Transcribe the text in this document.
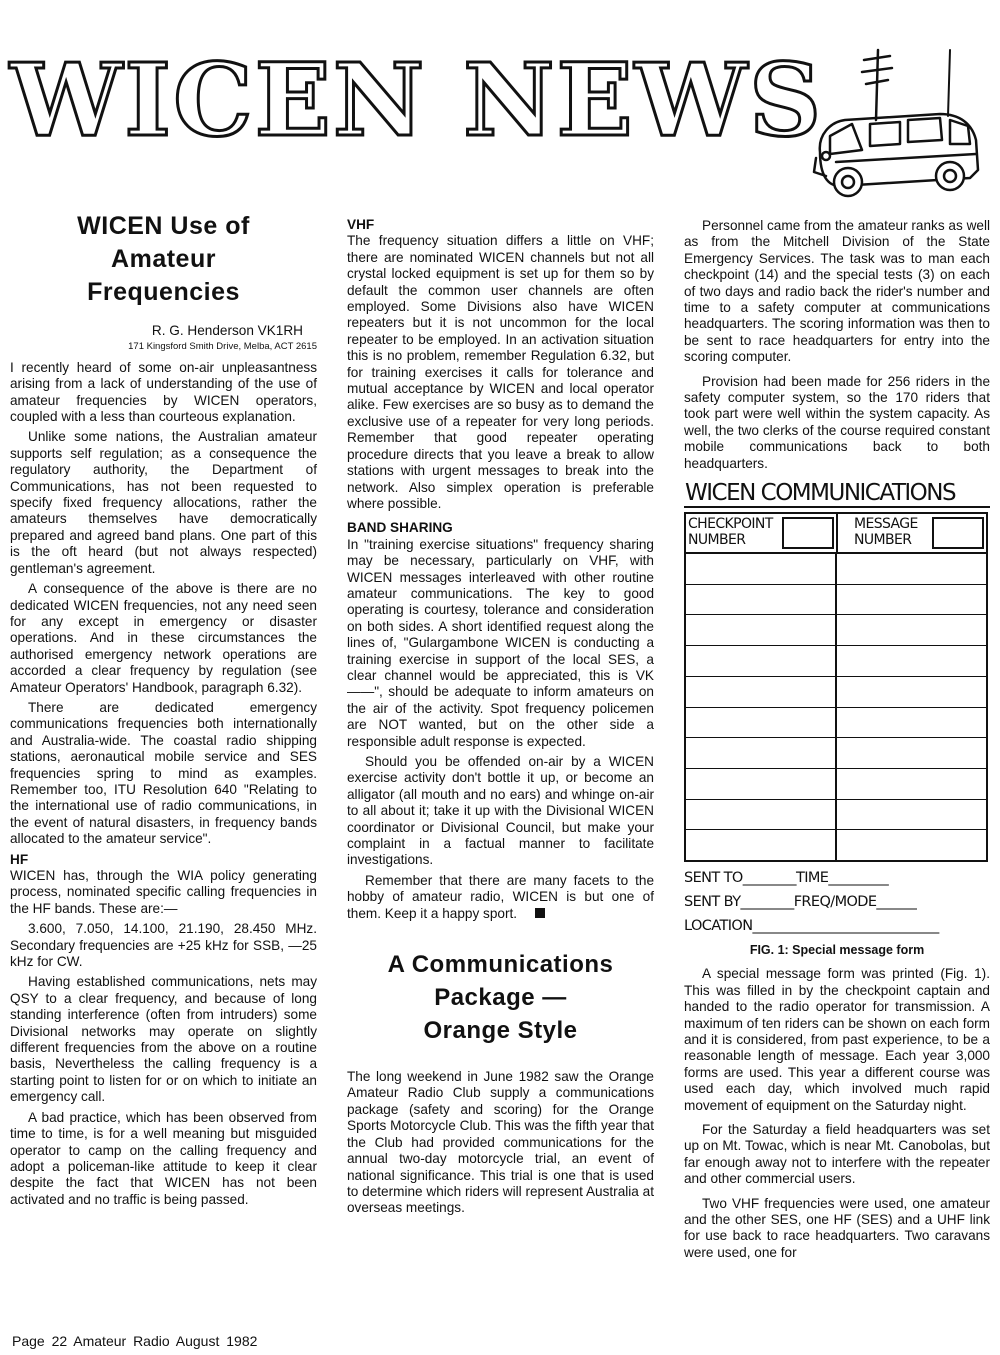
WICEN NEWS
WICEN Use of
Amateur
Frequencies

R. G. Henderson VK1RH

171 Kingsford Smith Drive, Melba, ACT 2615

I recently heard of some on-air unpleasantness arising from a lack of understanding of the use of amateur frequencies by WICEN operators, coupled with a less than courteous explanation.

Unlike some nations, the Australian amateur supports self regulation; as a consequence the regulatory authority, the Department of Communications, has not been requested to specify fixed frequency allocations, rather the amateurs themselves have democratically prepared and agreed band plans. One part of this is the oft heard (but not always respected) gentleman's agreement.

A consequence of the above is there are no dedicated WICEN frequencies, not any need seen for any except in emergency or disaster operations. And in these circumstances the authorised emergency network operations are accorded a clear frequency by regulation (see Amateur Operators' Handbook, paragraph 6.32).

There are dedicated emergency communications frequencies both internationally and Australia-wide. The coastal radio shipping stations, aeronautical mobile service and SES frequencies spring to mind as examples. Remember too, ITU Resolution 640 "Relating to the international use of radio communications, in the event of natural disasters, in frequency bands allocated to the amateur service".

HF

WICEN has, through the WIA policy generating process, nominated specific calling frequencies in the HF bands. These are:—

3.600, 7.050, 14.100, 21.190, 28.450 MHz. Secondary frequencies are +25 kHz for SSB, —25 kHz for CW.

Having established communications, nets may QSY to a clear frequency, and because of long standing interference (often from intruders) some Divisional networks may operate on slightly different frequencies from the above on a routine basis, Nevertheless the calling frequency is a starting point to listen for or on which to initiate an emergency call.

A bad practice, which has been observed from time to time, is for a well meaning but misguided operator to camp on the calling frequency and adopt a policeman-like attitude to keep it clear despite the fact that WICEN has not been activated and no traffic is being passed.

VHF

The frequency situation differs a little on VHF; there are nominated WICEN channels but not all crystal locked equipment is set up for them so by default the common user channels are often employed. Some Divisions also have WICEN repeaters but it is not uncommon for the local repeater to be employed. In an activation situation this is no problem, remember Regulation 6.32, but for training exercises it calls for tolerance and mutual acceptance by WICEN and local operator alike. Few exercises are so busy as to demand the exclusive use of a repeater for very long periods. Remember that good repeater operating procedure directs that you leave a break to allow stations with urgent messages to break into the network. Also simplex operation is preferable where possible.

BAND SHARING

In "training exercise situations" frequency sharing may be necessary, particularly on VHF, with WICEN messages interleaved with other routine amateur communications. The key to good operating is courtesy, tolerance and consideration on both sides. A short identified request along the lines of, "Gulargambone WICEN is conducting a training exercise in support of the local SES, a clear channel would be appreciated, this is VK——", should be adequate to inform amateurs on the air of the activity. Spot frequency policemen are NOT wanted, but on the other side a responsible adult response is expected.

Should you be offended on-air by a WICEN exercise activity don't bottle it up, or become an alligator (all mouth and no ears) and whinge on-air to all about it; take it up with the Divisional WICEN coordinator or Divisional Council, but make your complaint in a factual manner to facilitate investigations.

Remember that there are many facets to the hobby of amateur radio, WICEN is but one of them. Keep it a happy sport.

A Communications
Package —
Orange Style

The long weekend in June 1982 saw the Orange Amateur Radio Club supply a communications package (safety and scoring) for the Orange Sports Motorcycle Club. This was the fifth year that the Club had provided communications for the annual two-day motorcycle trial, an event of national significance. This trial is one that is used to determine which riders will represent Australia at overseas meetings.

Personnel came from the amateur ranks as well as from the Mitchell Division of the State Emergency Services. The task was to man each checkpoint (14) and the special tests (3) on each of two days and radio back the rider's number and time to a safety computer at communications headquarters. The scoring information was then to be sent to race headquarters for entry into the scoring computer.

Provision had been made for 256 riders in the safety computer system, so the 170 riders that took part were well within the system capacity. As well, the two clerks of the course required constant mobile communications back to both headquarters.

WICEN COMMUNICATIONS
CHECKPOINT
NUMBER
MESSAGE
NUMBER
SENT TO________TIME_________
SENT BY________FREQ/MODE______
LOCATION____________________________

FIG. 1: Special message form

A special message form was printed (Fig. 1). This was filled in by the checkpoint captain and handed to the radio operator for transmission. A maximum of ten riders can be shown on each form and it is considered, from past experience, to be a reasonable length of message. Each year 3,000 forms are used. This year a different course was used each day, which involved much rapid movement of equipment on the Saturday night.

For the Saturday a field headquarters was set up on Mt. Towac, which is near Mt. Canobolas, but far enough away not to interfere with the repeater and other commercial users.

Two VHF frequencies were used, one amateur and the other SES, one HF (SES) and a UHF link for use back to race headquarters. Two caravans were used, one for

Page 22 Amateur Radio August 1982
